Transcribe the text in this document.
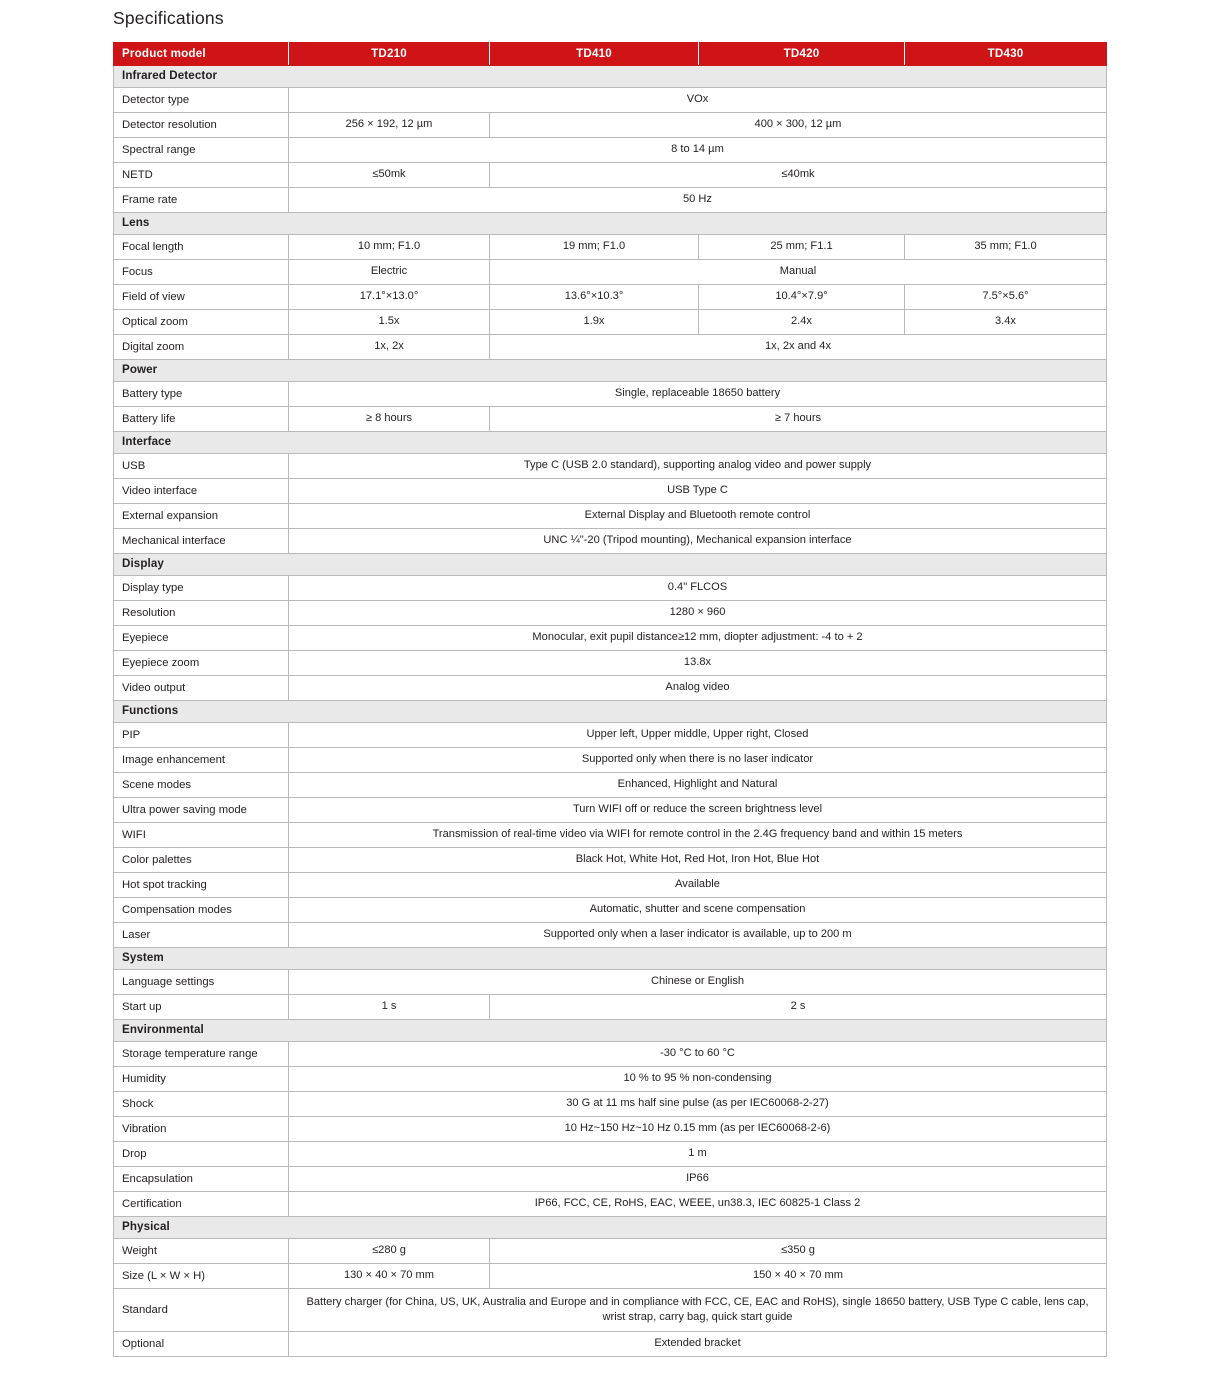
Specifications
Product model	TD210	TD410	TD420	TD430
Infrared Detector				
Detector type	VOx			
Detector resolution	256 × 192, 12 µm	400 × 300, 12 µm		
Spectral range	8 to 14 µm			
NETD	≤50mk	≤40mk		
Frame rate	50 Hz			
Lens				
Focal length	10 mm; F1.0	19 mm; F1.0	25 mm; F1.1	35 mm; F1.0
Focus	Electric	Manual		
Field of view	17.1°×13.0°	13.6°×10.3°	10.4°×7.9°	7.5°×5.6°
Optical zoom	1.5x	1.9x	2.4x	3.4x
Digital zoom	1x, 2x	1x, 2x and 4x		
Power				
Battery type	Single, replaceable 18650 battery			
Battery life	≥ 8 hours	≥ 7 hours		
Interface				
USB	Type C (USB 2.0 standard), supporting analog video and power supply			
Video interface	USB Type C			
External expansion	External Display and Bluetooth remote control			
Mechanical interface	UNC ¼"-20 (Tripod mounting), Mechanical expansion interface			
Display				
Display type	0.4" FLCOS			
Resolution	1280 × 960			
Eyepiece	Monocular, exit pupil distance≥12 mm, diopter adjustment: -4 to + 2			
Eyepiece zoom	13.8x			
Video output	Analog video			
Functions				
PIP	Upper left, Upper middle, Upper right, Closed			
Image enhancement	Supported only when there is no laser indicator			
Scene modes	Enhanced, Highlight and Natural			
Ultra power saving mode	Turn WIFI off or reduce the screen brightness level			
WIFI	Transmission of real-time video via WIFI for remote control in the 2.4G frequency band and within 15 meters			
Color palettes	Black Hot, White Hot, Red Hot, Iron Hot, Blue Hot			
Hot spot tracking	Available			
Compensation modes	Automatic, shutter and scene compensation			
Laser	Supported only when a laser indicator is available, up to 200 m			
System				
Language settings	Chinese or English			
Start up	1 s	2 s		
Environmental				
Storage temperature range	-30 °C to 60 °C			
Humidity	10 % to 95 % non-condensing			
Shock	30 G at 11 ms half sine pulse (as per IEC60068-2-27)			
Vibration	10 Hz~150 Hz~10 Hz 0.15 mm (as per IEC60068-2-6)			
Drop	1 m			
Encapsulation	IP66			
Certification	IP66, FCC, CE, RoHS, EAC, WEEE, un38.3, IEC 60825-1 Class 2			
Physical				
Weight	≤280 g	≤350 g		
Size (L × W × H)	130 × 40 × 70 mm	150 × 40 × 70 mm		
Standard	Battery charger (for China, US, UK, Australia and Europe and in compliance with FCC, CE, EAC and RoHS), single 18650 battery, USB Type C cable, lens cap, wrist strap, carry bag, quick start guide			
Optional	Extended bracket			
